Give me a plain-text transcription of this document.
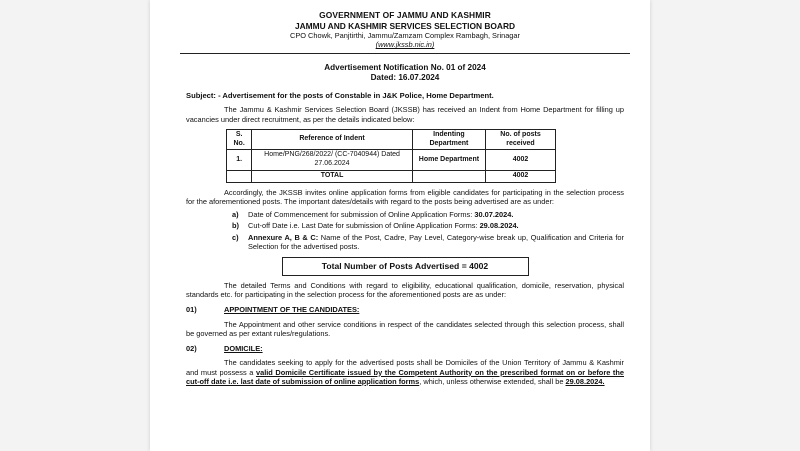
GOVERNMENT OF JAMMU AND KASHMIR
JAMMU AND KASHMIR SERVICES SELECTION BOARD
CPO Chowk, Panjtirthi, Jammu/Zamzam Complex Rambagh, Srinagar
(www.jkssb.nic.in)
Advertisement Notification No. 01 of 2024
Dated: 16.07.2024
Subject: - Advertisement for the posts of Constable in J&K Police, Home Department.

The Jammu & Kashmir Services Selection Board (JKSSB) has received an Indent from Home Department for filling up vacancies under direct recruitment, as per the details indicated below:

S. No.	Reference of Indent	Indenting Department	No. of posts received
1.	Home/PNG/268/2022/ (CC-7040944) Dated 27.06.2024	Home Department	4002
	TOTAL		4002

Accordingly, the JKSSB invites online application forms from eligible candidates for participating in the selection process for the aforementioned posts. The important dates/details with regard to the posts being advertised are as under:

a)	Date of Commencement for submission of Online Application Forms: 30.07.2024.
b)	Cut-off Date i.e. Last Date for submission of Online Application Forms: 29.08.2024.
c)	Annexure A, B & C: Name of the Post, Cadre, Pay Level, Category-wise break up, Qualification and Criteria for Selection for the advertised posts.
Total Number of Posts Advertised = 4002

The detailed Terms and Conditions with regard to eligibility, educational qualification, domicile, reservation, physical standards etc. for participating in the selection process for the aforementioned posts are as under:

01)	APPOINTMENT OF THE CANDIDATES:

The Appointment and other service conditions in respect of the candidates selected through this selection process, shall be governed as per extant rules/regulations.

02)	DOMICILE:

The candidates seeking to apply for the advertised posts shall be Domiciles of the Union Territory of Jammu & Kashmir and must possess a valid Domicile Certificate issued by the Competent Authority on the prescribed format on or before the cut-off date i.e. last date of submission of online application forms, which, unless otherwise extended, shall be 29.08.2024.
